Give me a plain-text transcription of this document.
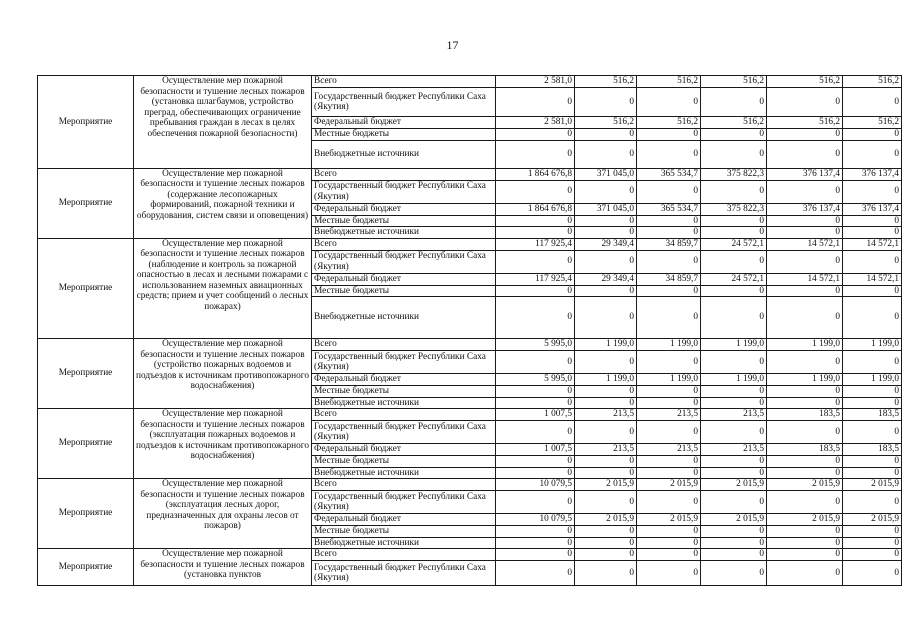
17
Мероприятие	Осуществление мер пожарной безопасности и тушение лесных пожаров (установка шлагбаумов, устройство преград, обеспечивающих ограничение пребывания граждан в лесах в целях обеспечения пожарной безопасности)	Всего	2 581,0	516,2	516,2	516,2	516,2	516,2
		Государственный бюджет Республики Саха (Якутия)	0	0	0	0	0	0
		Федеральный бюджет	2 581,0	516,2	516,2	516,2	516,2	516,2
		Местные бюджеты	0	0	0	0	0	0
		Внебюджетные источники	0	0	0	0	0	0
Мероприятие	Осуществление мер пожарной безопасности и тушение лесных пожаров (содержание лесопожарных формирований, пожарной техники и оборудования, систем связи и оповещения)	Всего	1 864 676,8	371 045,0	365 534,7	375 822,3	376 137,4	376 137,4
		Государственный бюджет Республики Саха (Якутия)	0	0	0	0	0	0
		Федеральный бюджет	1 864 676,8	371 045,0	365 534,7	375 822,3	376 137,4	376 137,4
		Местные бюджеты	0	0	0	0	0	0
		Внебюджетные источники	0	0	0	0	0	0
Мероприятие	Осуществление мер пожарной безопасности и тушение лесных пожаров (наблюдение и контроль за пожарной опасностью в лесах и лесными пожарами с использованием наземных авиационных средств; прием и учет сообщений о лесных пожарах)	Всего	117 925,4	29 349,4	34 859,7	24 572,1	14 572,1	14 572,1
		Государственный бюджет Республики Саха (Якутия)	0	0	0	0	0	0
		Федеральный бюджет	117 925,4	29 349,4	34 859,7	24 572,1	14 572,1	14 572,1
		Местные бюджеты	0	0	0	0	0	0
		Внебюджетные источники	0	0	0	0	0	0
Мероприятие	Осуществление мер пожарной безопасности и тушение лесных пожаров (устройство пожарных водоемов и подъездов к источникам противопожарного водоснабжения)	Всего	5 995,0	1 199,0	1 199,0	1 199,0	1 199,0	1 199,0
		Государственный бюджет Республики Саха (Якутия)	0	0	0	0	0	0
		Федеральный бюджет	5 995,0	1 199,0	1 199,0	1 199,0	1 199,0	1 199,0
		Местные бюджеты	0	0	0	0	0	0
		Внебюджетные источники	0	0	0	0	0	0
Мероприятие	Осуществление мер пожарной безопасности и тушение лесных пожаров (эксплуатация пожарных водоемов и подъездов к источникам противопожарного водоснабжения)	Всего	1 007,5	213,5	213,5	213,5	183,5	183,5
		Государственный бюджет Республики Саха (Якутия)	0	0	0	0	0	0
		Федеральный бюджет	1 007,5	213,5	213,5	213,5	183,5	183,5
		Местные бюджеты	0	0	0	0	0	0
		Внебюджетные источники	0	0	0	0	0	0
Мероприятие	Осуществление мер пожарной безопасности и тушение лесных пожаров (эксплуатация лесных дорог, предназначенных для охраны лесов от пожаров)	Всего	10 079,5	2 015,9	2 015,9	2 015,9	2 015,9	2 015,9
		Государственный бюджет Республики Саха (Якутия)	0	0	0	0	0	0
		Федеральный бюджет	10 079,5	2 015,9	2 015,9	2 015,9	2 015,9	2 015,9
		Местные бюджеты	0	0	0	0	0	0
		Внебюджетные источники	0	0	0	0	0	0
Мероприятие	Осуществление мер пожарной безопасности и тушение лесных пожаров (установка пунктов	Всего	0	0	0	0	0	0
		Государственный бюджет Республики Саха (Якутия)	0	0	0	0	0	0
